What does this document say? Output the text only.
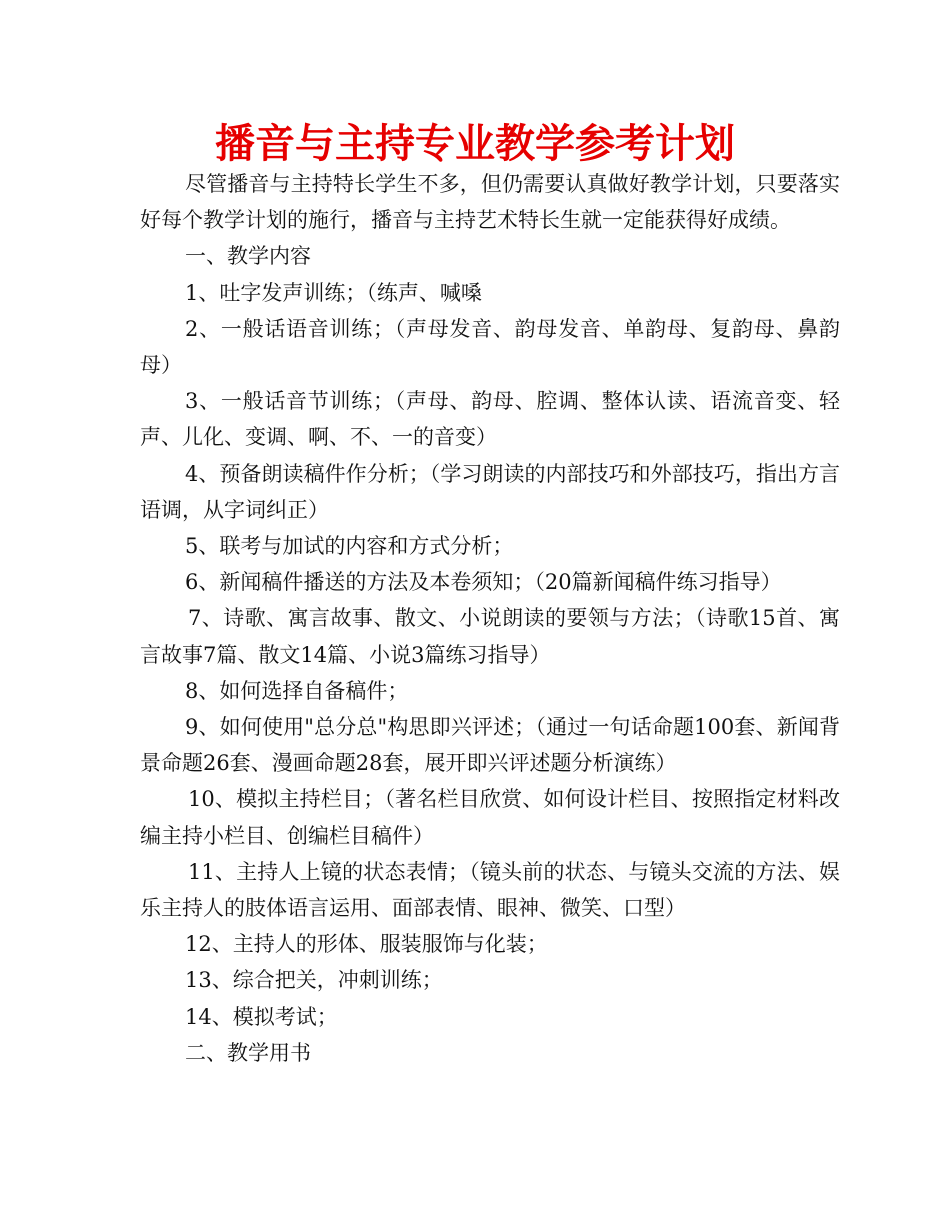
播音与主持专业教学参考计划

尽管播音与主持特长学生不多，但仍需要认真做好教学计划，只要落实好每个教学计划的施行，播音与主持艺术特长生就一定能获得好成绩。

一、教学内容

1、吐字发声训练；（练声、喊嗓

2、一般话语音训练；（声母发音、韵母发音、单韵母、复韵母、鼻韵母）

3、一般话音节训练；（声母、韵母、腔调、整体认读、语流音变、轻声、儿化、变调、啊、不、一的音变）

4、预备朗读稿件作分析；（学习朗读的内部技巧和外部技巧，指出方言语调，从字词纠正）

5、联考与加试的内容和方式分析；

6、新闻稿件播送的方法及本卷须知；（20篇新闻稿件练习指导）

7、诗歌、寓言故事、散文、小说朗读的要领与方法；（诗歌15首、寓言故事7篇、散文14篇、小说3篇练习指导）

8、如何选择自备稿件；

9、如何使用"总分总"构思即兴评述；（通过一句话命题100套、新闻背景命题26套、漫画命题28套，展开即兴评述题分析演练）

10、模拟主持栏目；（著名栏目欣赏、如何设计栏目、按照指定材料改编主持小栏目、创编栏目稿件）

11、主持人上镜的状态表情；（镜头前的状态、与镜头交流的方法、娱乐主持人的肢体语言运用、面部表情、眼神、微笑、口型）

12、主持人的形体、服装服饰与化装；

13、综合把关，冲刺训练；

14、模拟考试；

二、教学用书
